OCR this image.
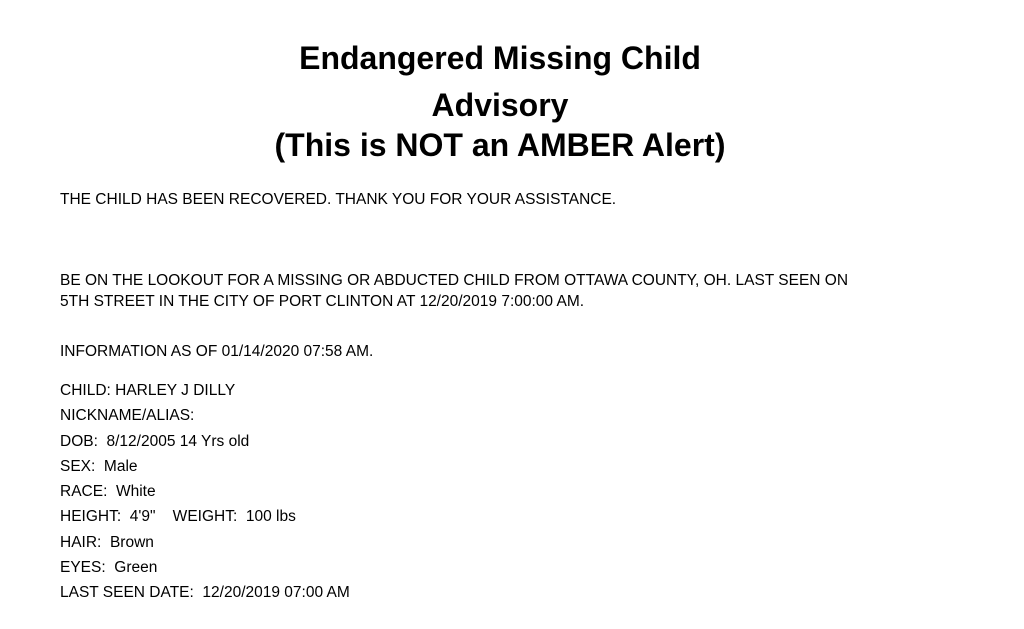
Endangered Missing Child
Advisory
(This is NOT an AMBER Alert)

THE CHILD HAS BEEN RECOVERED. THANK YOU FOR YOUR ASSISTANCE.

BE ON THE LOOKOUT FOR A MISSING OR ABDUCTED CHILD FROM OTTAWA COUNTY, OH. LAST SEEN ON

5TH STREET IN THE CITY OF PORT CLINTON AT 12/20/2019 7:00:00 AM.

INFORMATION AS OF 01/14/2020 07:58 AM.

CHILD: HARLEY J DILLY
NICKNAME/ALIAS:
DOB:  8/12/2005 14 Yrs old
SEX:  Male
RACE:  White
HEIGHT:  4'9"    WEIGHT:  100 lbs
HAIR:  Brown
EYES:  Green
LAST SEEN DATE:  12/20/2019 07:00 AM
